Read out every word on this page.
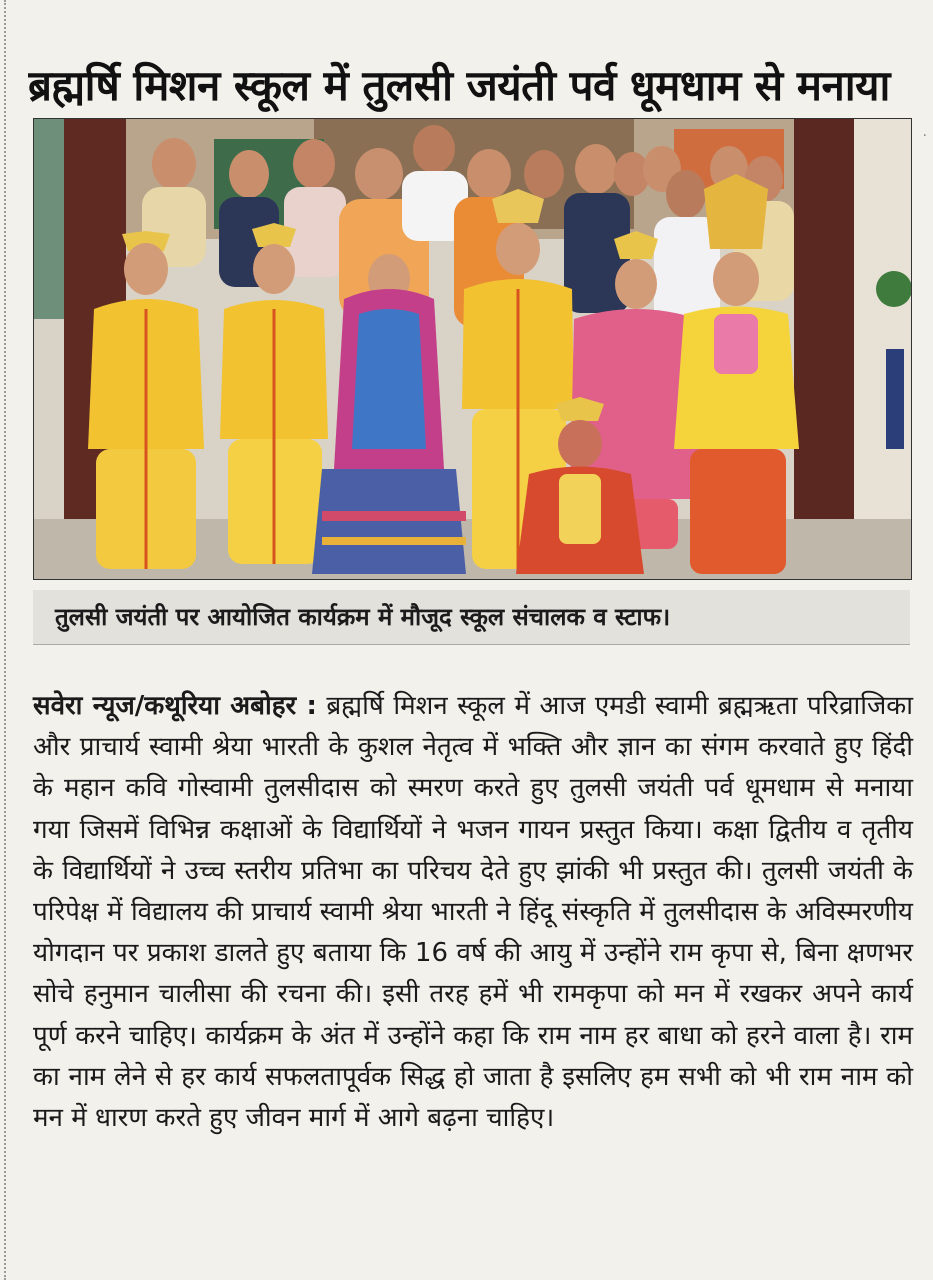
·
ब्रह्मर्षि मिशन स्कूल में तुलसी जयंती पर्व धूमधाम से मनाया
तुलसी जयंती पर आयोजित कार्यक्रम में मौजूद स्कूल संचालक व स्टाफ।

सवेरा न्यूज/कथूरिया अबोहर : ब्रह्मर्षि मिशन स्कूल में आज एमडी स्वामी ब्रह्मऋता परिव्राजिका और प्राचार्य स्वामी श्रेया भारती के कुशल नेतृत्व में भक्ति और ज्ञान का संगम करवाते हुए हिंदी के महान कवि गोस्वामी तुलसीदास को स्मरण करते हुए तुलसी जयंती पर्व धूमधाम से मनाया गया जिसमें विभिन्न कक्षाओं के विद्यार्थियों ने भजन गायन प्रस्तुत किया। कक्षा द्वितीय व तृतीय के विद्यार्थियों ने उच्च स्तरीय प्रतिभा का परिचय देते हुए झांकी भी प्रस्तुत की। तुलसी जयंती के परिपेक्ष में विद्यालय की प्राचार्य स्वामी श्रेया भारती ने हिंदू संस्कृति में तुलसीदास के अविस्मरणीय योगदान पर प्रकाश डालते हुए बताया कि 16 वर्ष की आयु में उन्होंने राम कृपा से, बिना क्षणभर सोचे हनुमान चालीसा की रचना की। इसी तरह हमें भी रामकृपा को मन में रखकर अपने कार्य पूर्ण करने चाहिए। कार्यक्रम के अंत में उन्होंने कहा कि राम नाम हर बाधा को हरने वाला है। राम का नाम लेने से हर कार्य सफलतापूर्वक सिद्ध हो जाता है इसलिए हम सभी को भी राम नाम को मन में धारण करते हुए जीवन मार्ग में आगे बढ़ना चाहिए।
